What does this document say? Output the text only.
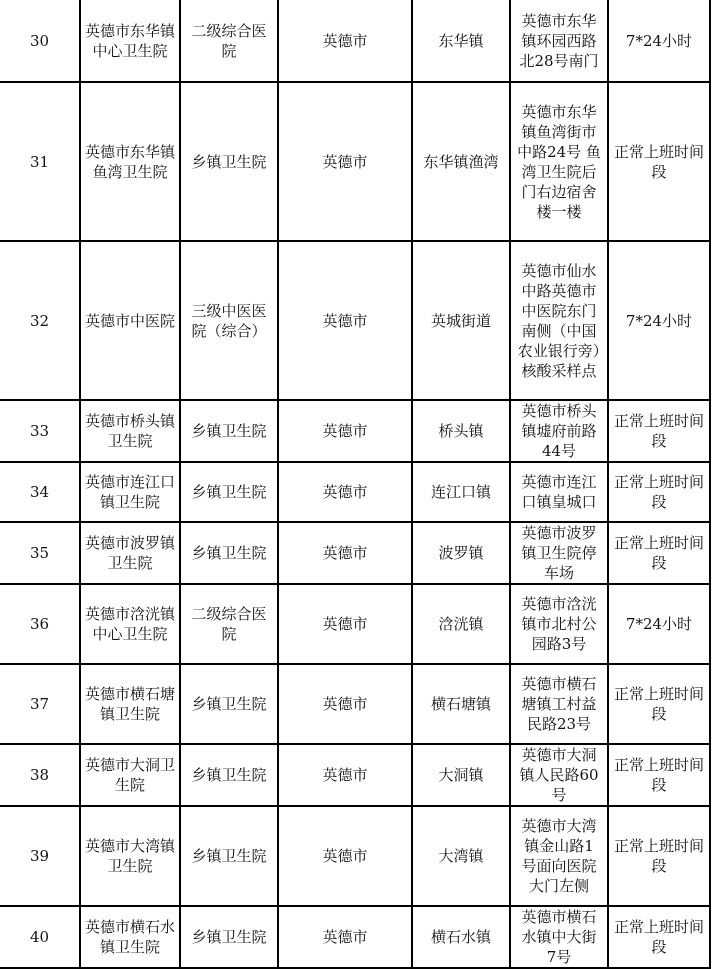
30	英德市东华镇中心卫生院	二级综合医院	英德市	东华镇	英德市东华镇环园西路北28号南门	7*24小时
31	英德市东华镇鱼湾卫生院	乡镇卫生院	英德市	东华镇渔湾	英德市东华镇鱼湾街市中路24号 鱼湾卫生院后门右边宿舍楼一楼	正常上班时间段
32	英德市中医院	三级中医医院（综合）	英德市	英城街道	英德市仙水中路英德市中医院东门南侧（中国农业银行旁）核酸采样点	7*24小时
33	英德市桥头镇卫生院	乡镇卫生院	英德市	桥头镇	英德市桥头镇墟府前路44号	正常上班时间段
34	英德市连江口镇卫生院	乡镇卫生院	英德市	连江口镇	英德市连江口镇皇城口	正常上班时间段
35	英德市波罗镇卫生院	乡镇卫生院	英德市	波罗镇	英德市波罗镇卫生院停车场	正常上班时间段
36	英德市浛洸镇中心卫生院	二级综合医院	英德市	浛洸镇	英德市浛洸镇市北村公园路3号	7*24小时
37	英德市横石塘镇卫生院	乡镇卫生院	英德市	横石塘镇	英德市横石塘镇工村益民路23号	正常上班时间段
38	英德市大洞卫生院	乡镇卫生院	英德市	大洞镇	英德市大洞镇人民路60号	正常上班时间段
39	英德市大湾镇卫生院	乡镇卫生院	英德市	大湾镇	英德市大湾镇金山路1号面向医院大门左侧	正常上班时间段
40	英德市横石水镇卫生院	乡镇卫生院	英德市	横石水镇	英德市横石水镇中大街7号	正常上班时间段
